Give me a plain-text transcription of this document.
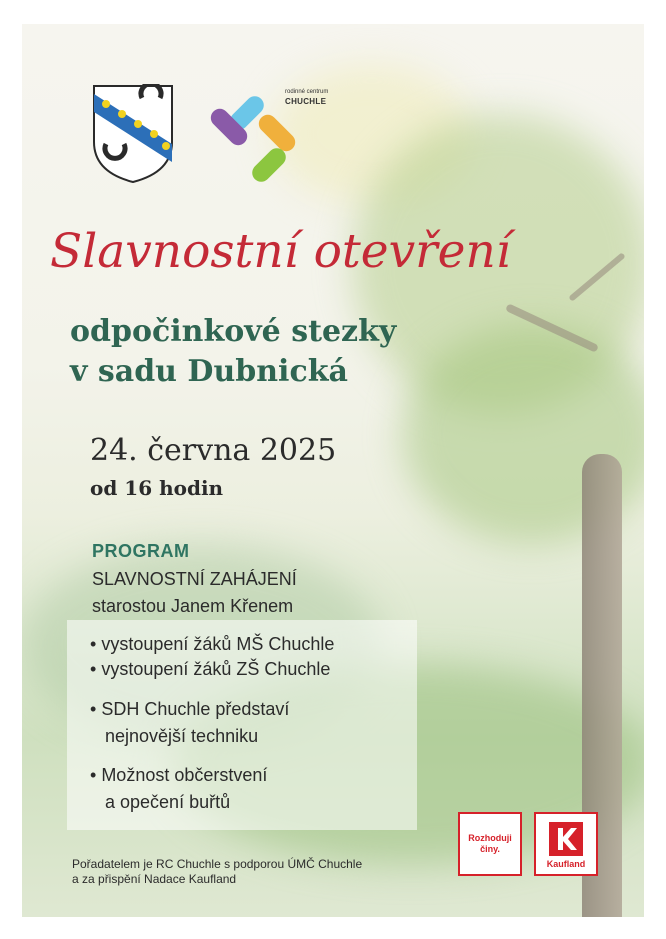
rodinné centrum
CHUCHLE
Slavnostní otevření
odpočinkové stezky
v sadu Dubnická
24. června 2025
od 16 hodin
PROGRAM
SLAVNOSTNÍ ZAHÁJENÍ
starostou Janem Křenem
• vystoupení žáků MŠ Chuchle
• vystoupení žáků ZŠ Chuchle
• SDH Chuchle představí
nejnovější techniku
• Možnost občerstvení
a opečení buřtů
Pořadatelem je RC Chuchle s podporou ÚMČ Chuchle
a za přispění Nadace Kaufland
Rozhoduji
činy.
Kaufland
